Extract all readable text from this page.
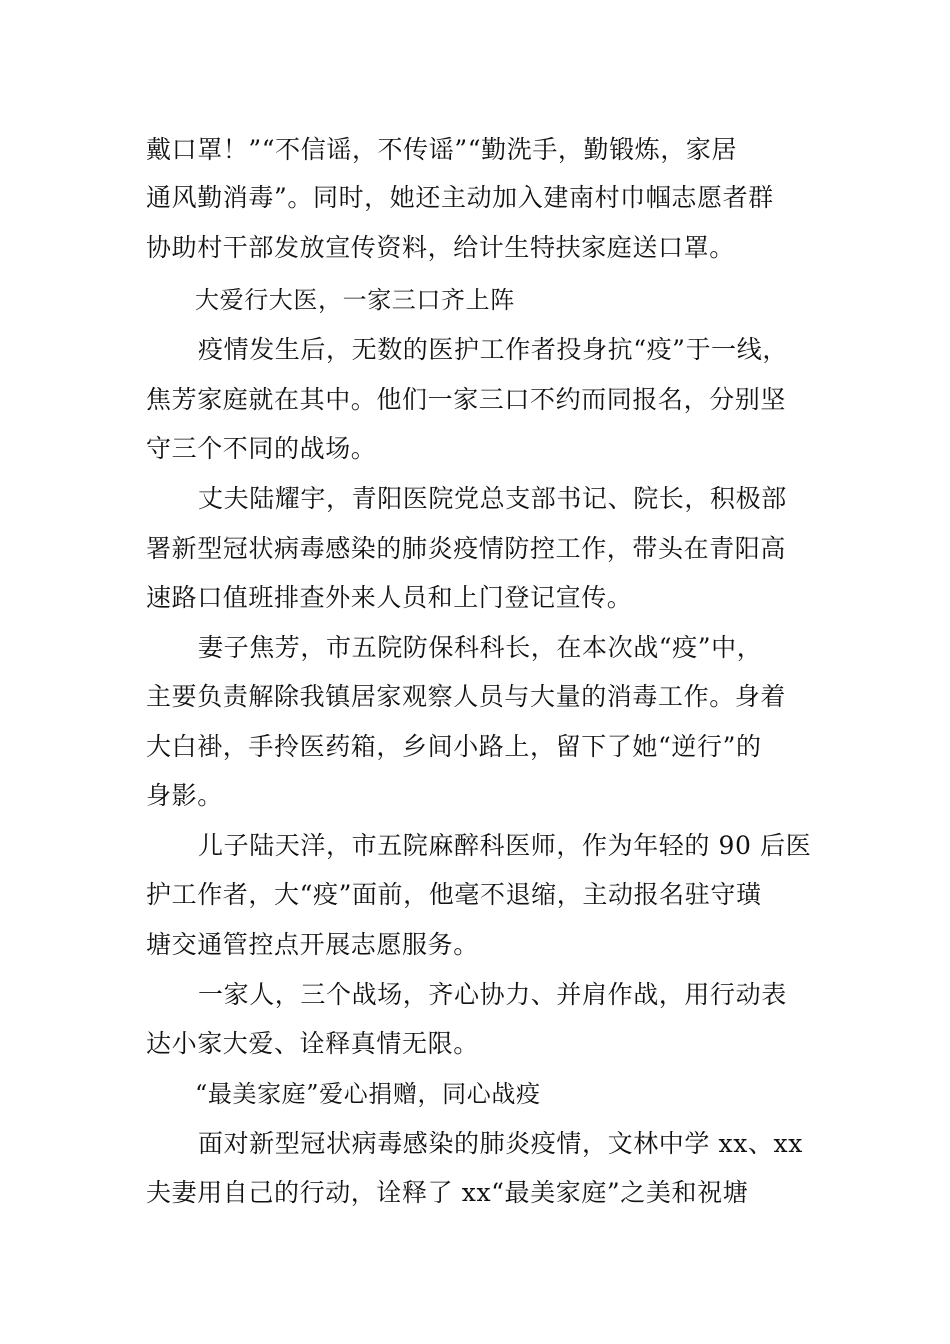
戴口罩！”“不信谣，不传谣”“勤洗手，勤锻炼，家居
通风勤消毒”。同时，她还主动加入建南村巾帼志愿者群
协助村干部发放宣传资料，给计生特扶家庭送口罩。
大爱行大医，一家三口齐上阵
疫情发生后，无数的医护工作者投身抗“疫”于一线，
焦芳家庭就在其中。他们一家三口不约而同报名，分别坚
守三个不同的战场。
丈夫陆耀宇，青阳医院党总支部书记、院长，积极部
署新型冠状病毒感染的肺炎疫情防控工作，带头在青阳高
速路口值班排查外来人员和上门登记宣传。
妻子焦芳，市五院防保科科长，在本次战“疫”中，
主要负责解除我镇居家观察人员与大量的消毒工作。身着
大白褂，手拎医药箱，乡间小路上，留下了她“逆行”的
身影。
儿子陆天洋，市五院麻醉科医师，作为年轻的 90 后医
护工作者，大“疫”面前，他毫不退缩，主动报名驻守璜
塘交通管控点开展志愿服务。
一家人，三个战场，齐心协力、并肩作战，用行动表
达小家大爱、诠释真情无限。
“最美家庭”爱心捐赠，同心战疫
面对新型冠状病毒感染的肺炎疫情，文林中学 xx、xx
夫妻用自己的行动，诠释了 xx“最美家庭”之美和祝塘
